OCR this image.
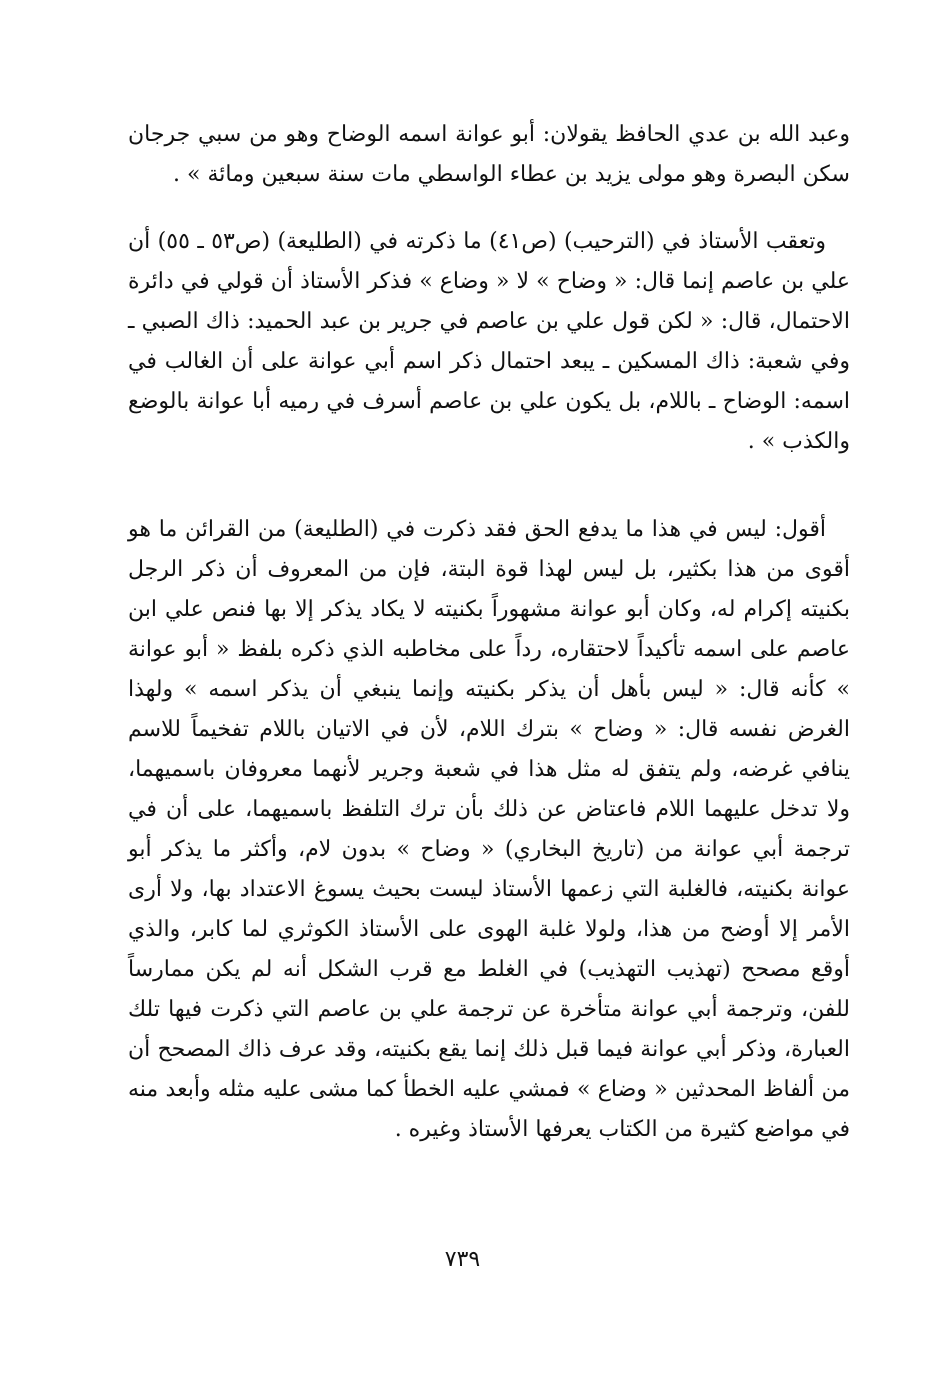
وعبد الله بن عدي الحافظ يقولان: أبو عوانة اسمه الوضاح وهو من سبي جرجان سكن البصرة وهو مولى يزيد بن عطاء الواسطي مات سنة سبعين ومائة » .

وتعقب الأستاذ في (الترحيب) (ص٤١) ما ذكرته في (الطليعة) (ص٥٣ ـ ٥٥) أن علي بن عاصم إنما قال: « وضاح » لا « وضاع » فذكر الأستاذ أن قولي في دائرة الاحتمال، قال: « لكن قول علي بن عاصم في جرير بن عبد الحميد: ذاك الصبي ـ وفي شعبة: ذاك المسكين ـ يبعد احتمال ذكر اسم أبي عوانة على أن الغالب في اسمه: الوضاح ـ باللام، بل يكون علي بن عاصم أسرف في رميه أبا عوانة بالوضع والكذب » .

أقول: ليس في هذا ما يدفع الحق فقد ذكرت في (الطليعة) من القرائن ما هو أقوى من هذا بكثير، بل ليس لهذا قوة البتة، فإن من المعروف أن ذكر الرجل بكنيته إكرام له، وكان أبو عوانة مشهوراً بكنيته لا يكاد يذكر إلا بها فنص علي ابن عاصم على اسمه تأكيداً لاحتقاره، رداً على مخاطبه الذي ذكره بلفظ « أبو عوانة » كأنه قال: « ليس بأهل أن يذكر بكنيته وإنما ينبغي أن يذكر اسمه » ولهذا الغرض نفسه قال: « وضاح » بترك اللام، لأن في الاتيان باللام تفخيماً للاسم ينافي غرضه، ولم يتفق له مثل هذا في شعبة وجرير لأنهما معروفان باسميهما، ولا تدخل عليهما اللام فاعتاض عن ذلك بأن ترك التلفظ باسميهما، على أن في ترجمة أبي عوانة من (تاريخ البخاري) « وضاح » بدون لام، وأكثر ما يذكر أبو عوانة بكنيته، فالغلبة التي زعمها الأستاذ ليست بحيث يسوغ الاعتداد بها، ولا أرى الأمر إلا أوضح من هذا، ولولا غلبة الهوى على الأستاذ الكوثري لما كابر، والذي أوقع مصحح (تهذيب التهذيب) في الغلط مع قرب الشكل أنه لم يكن ممارساً للفن، وترجمة أبي عوانة متأخرة عن ترجمة علي بن عاصم التي ذكرت فيها تلك العبارة، وذكر أبي عوانة فيما قبل ذلك إنما يقع بكنيته، وقد عرف ذاك المصحح أن من ألفاظ المحدثين « وضاع » فمشي عليه الخطأ كما مشى عليه مثله وأبعد منه في مواضع كثيرة من الكتاب يعرفها الأستاذ وغيره .

٧٣٩
